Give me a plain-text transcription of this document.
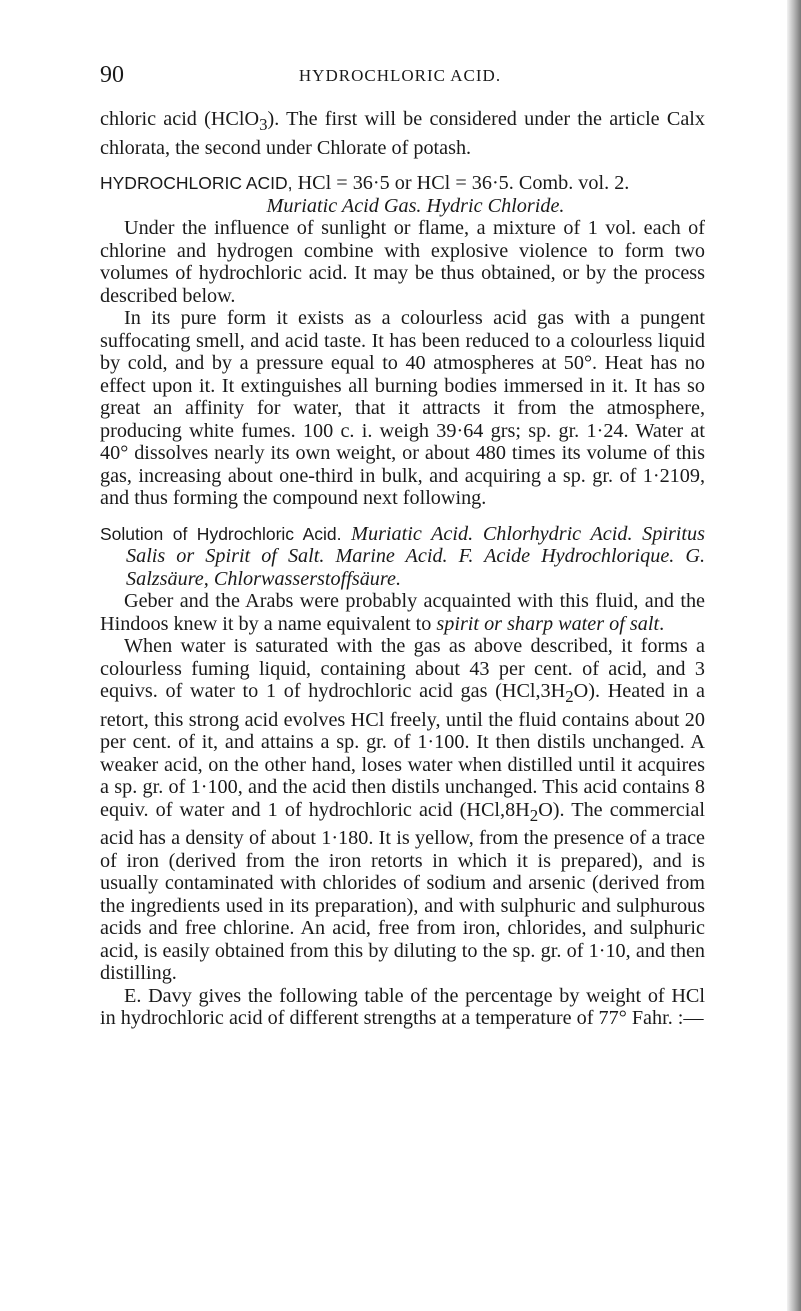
90	HYDROCHLORIC ACID.

chloric acid (HClO$_3$). The first will be considered under the article Calx chlorata, the second under Chlorate of potash.

HYDROCHLORIC ACID, HCl = 36·5 or HCl = 36·5. Comb. vol. 2.
Muriatic Acid Gas. Hydric Chloride.

Under the influence of sunlight or flame, a mixture of 1 vol. each of chlorine and hydrogen combine with explosive violence to form two volumes of hydrochloric acid. It may be thus obtained, or by the process described below.

In its pure form it exists as a colourless acid gas with a pungent suffocating smell, and acid taste. It has been reduced to a colourless liquid by cold, and by a pressure equal to 40 atmospheres at 50°. Heat has no effect upon it. It extinguishes all burning bodies immersed in it. It has so great an affinity for water, that it attracts it from the atmosphere, producing white fumes. 100 c. i. weigh 39·64 grs; sp. gr. 1·24. Water at 40° dissolves nearly its own weight, or about 480 times its volume of this gas, increasing about one-third in bulk, and acquiring a sp. gr. of 1·2109, and thus forming the compound next following.

Solution of Hydrochloric Acid. Muriatic Acid. Chlorhydric Acid. Spiritus Salis or Spirit of Salt. Marine Acid. F. Acide Hydrochlorique. G. Salzsäure, Chlorwasserstoffsäure.

Geber and the Arabs were probably acquainted with this fluid, and the Hindoos knew it by a name equivalent to spirit or sharp water of salt.

When water is saturated with the gas as above described, it forms a colourless fuming liquid, containing about 43 per cent. of acid, and 3 equivs. of water to 1 of hydrochloric acid gas $(HCl,3H_2O)$. Heated in a retort, this strong acid evolves HCl freely, until the fluid contains about 20 per cent. of it, and attains a sp. gr. of 1·100. It then distils unchanged. A weaker acid, on the other hand, loses water when distilled until it acquires a sp. gr. of 1·100, and the acid then distils unchanged. This acid contains 8 equiv. of water and 1 of hydrochloric acid $(HCl,8H_2O)$. The commercial acid has a density of about 1·180. It is yellow, from the presence of a trace of iron (derived from the iron retorts in which it is prepared), and is usually contaminated with chlorides of sodium and arsenic (derived from the ingredients used in its preparation), and with sulphuric and sulphurous acids and free chlorine. An acid, free from iron, chlorides, and sulphuric acid, is easily obtained from this by diluting to the sp. gr. of 1·10, and then distilling.

E. Davy gives the following table of the percentage by weight of HCl in hydrochloric acid of different strengths at a temperature of 77° Fahr. :—
